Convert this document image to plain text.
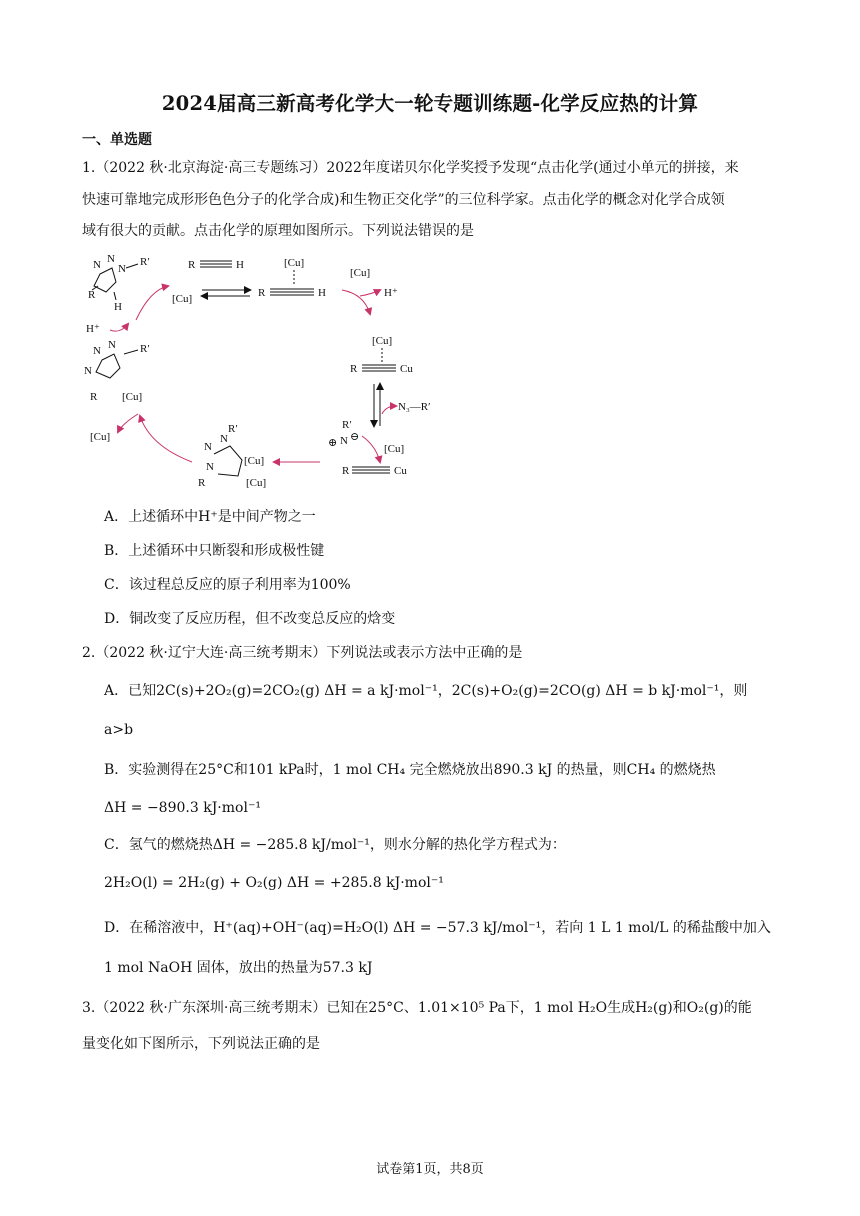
2024届高三新高考化学大一轮专题训练题-化学反应热的计算
一、单选题
1.（2022 秋·北京海淀·高三专题练习）2022年度诺贝尔化学奖授予发现“点击化学(通过小单元的拼接，来
快速可靠地完成形形色色分子的化学合成)和生物正交化学”的三位科学家。点击化学的概念对化学合成领
域有很大的贡献。点击化学的原理如图所示。下列说法错误的是
N N
N
R′
R
H
H⁺
[Cu]
R	H	[Cu]
R	H
[Cu]
H⁺
[Cu]
R	Cu
N₃—R′
R′
⊕ N ⊖
[Cu]
R	Cu
N
N
R′
N	[Cu]
[Cu]
R
[Cu]
N N
N
R′
R [Cu]
A．上述循环中H⁺是中间产物之一
B．上述循环中只断裂和形成极性键
C．该过程总反应的原子利用率为100%
D．铜改变了反应历程，但不改变总反应的焓变
2.（2022 秋·辽宁大连·高三统考期末）下列说法或表示方法中正确的是
A．已知2C(s)+2O₂(g)=2CO₂(g) ΔH = a kJ·mol⁻¹，2C(s)+O₂(g)=2CO(g) ΔH = b kJ·mol⁻¹，则
a>b
B．实验测得在25°C和101 kPa时，1 mol CH₄ 完全燃烧放出890.3 kJ 的热量，则CH₄ 的燃烧热
ΔH = −890.3 kJ·mol⁻¹
C．氢气的燃烧热ΔH = −285.8 kJ/mol⁻¹，则水分解的热化学方程式为：
2H₂O(l) = 2H₂(g) + O₂(g) ΔH = +285.8 kJ·mol⁻¹
D．在稀溶液中，H⁺(aq)+OH⁻(aq)=H₂O(l) ΔH = −57.3 kJ/mol⁻¹，若向 1 L 1 mol/L 的稀盐酸中加入
1 mol NaOH 固体，放出的热量为57.3 kJ
3.（2022 秋·广东深圳·高三统考期末）已知在25°C、1.01×10⁵ Pa下，1 mol H₂O生成H₂(g)和O₂(g)的能
量变化如下图所示，下列说法正确的是
试卷第1页，共8页
